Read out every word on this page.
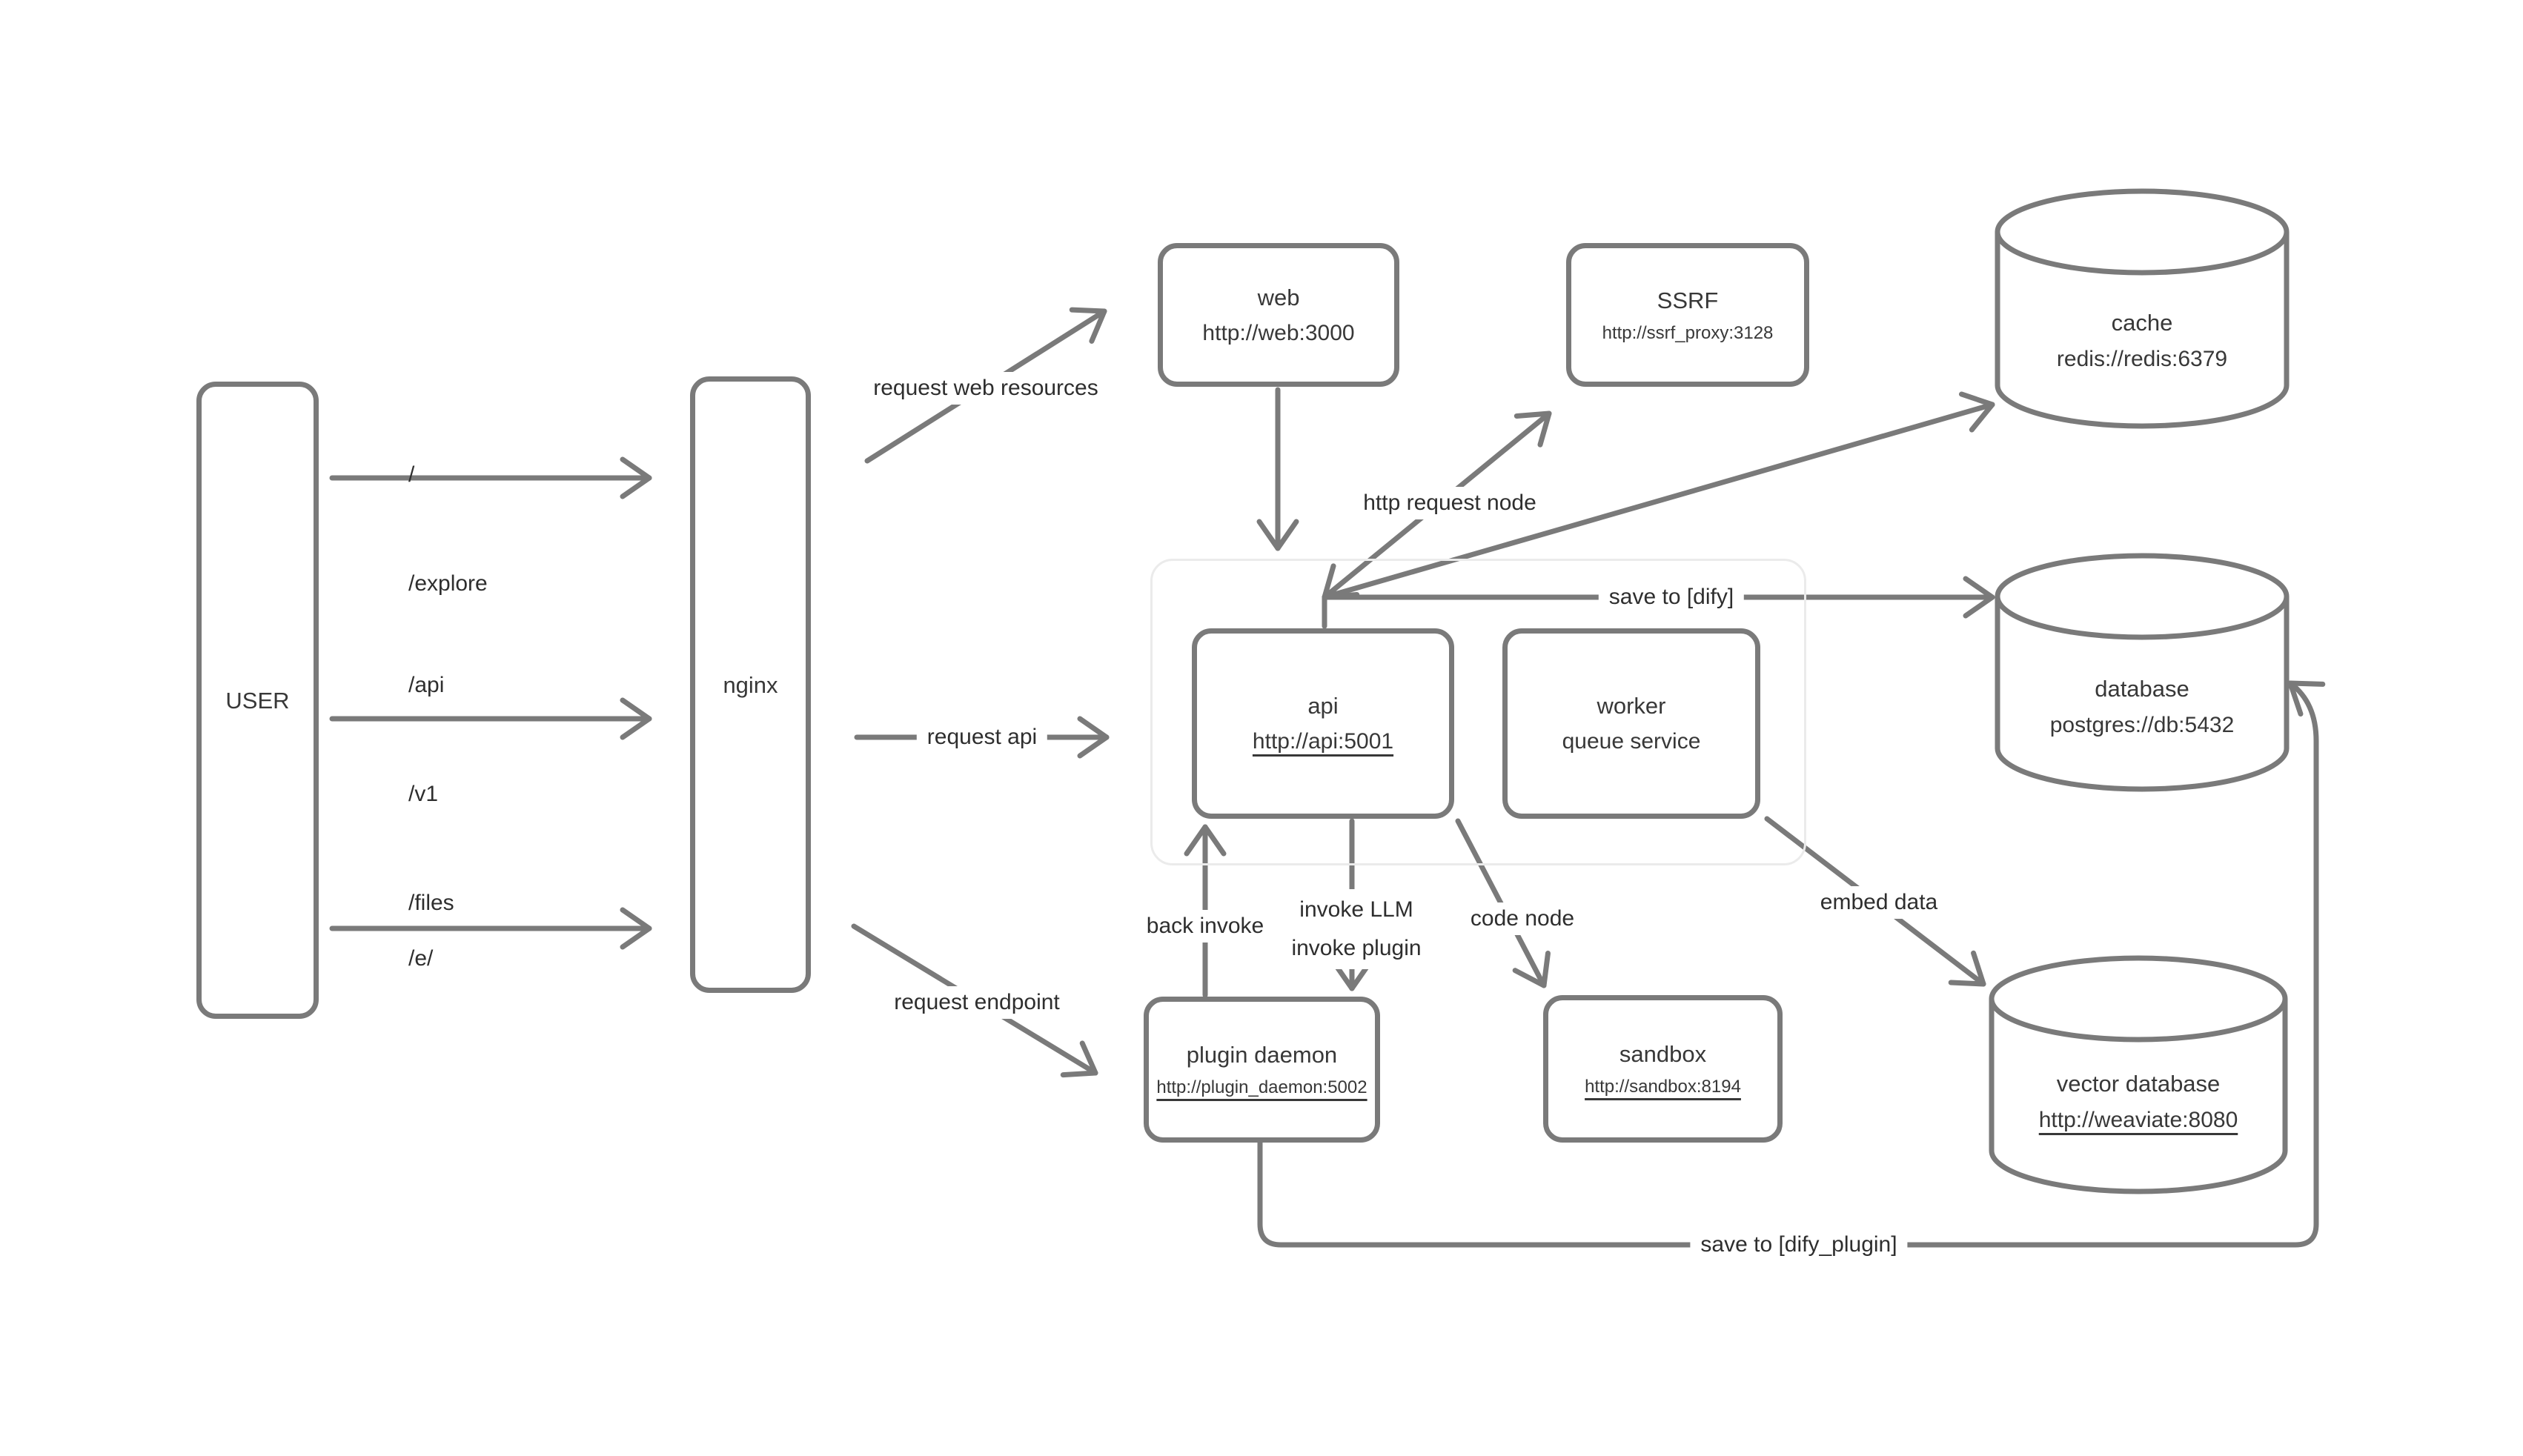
USER
nginx
web
http://web:3000
SSRF
http://ssrf_proxy:3128
api
http://api:5001
worker
queue service
plugin daemon
http://plugin_daemon:5002
sandbox
http://sandbox:8194
cache
redis://redis:6379
database
postgres://db:5432
vector database
http://weaviate:8080

/

/explore

/api

/v1

/files

/e/

request web resources
request api
request endpoint
http request node
save to [dify]
back invoke
invoke LLM
invoke plugin
code node
embed data
save to [dify_plugin]
